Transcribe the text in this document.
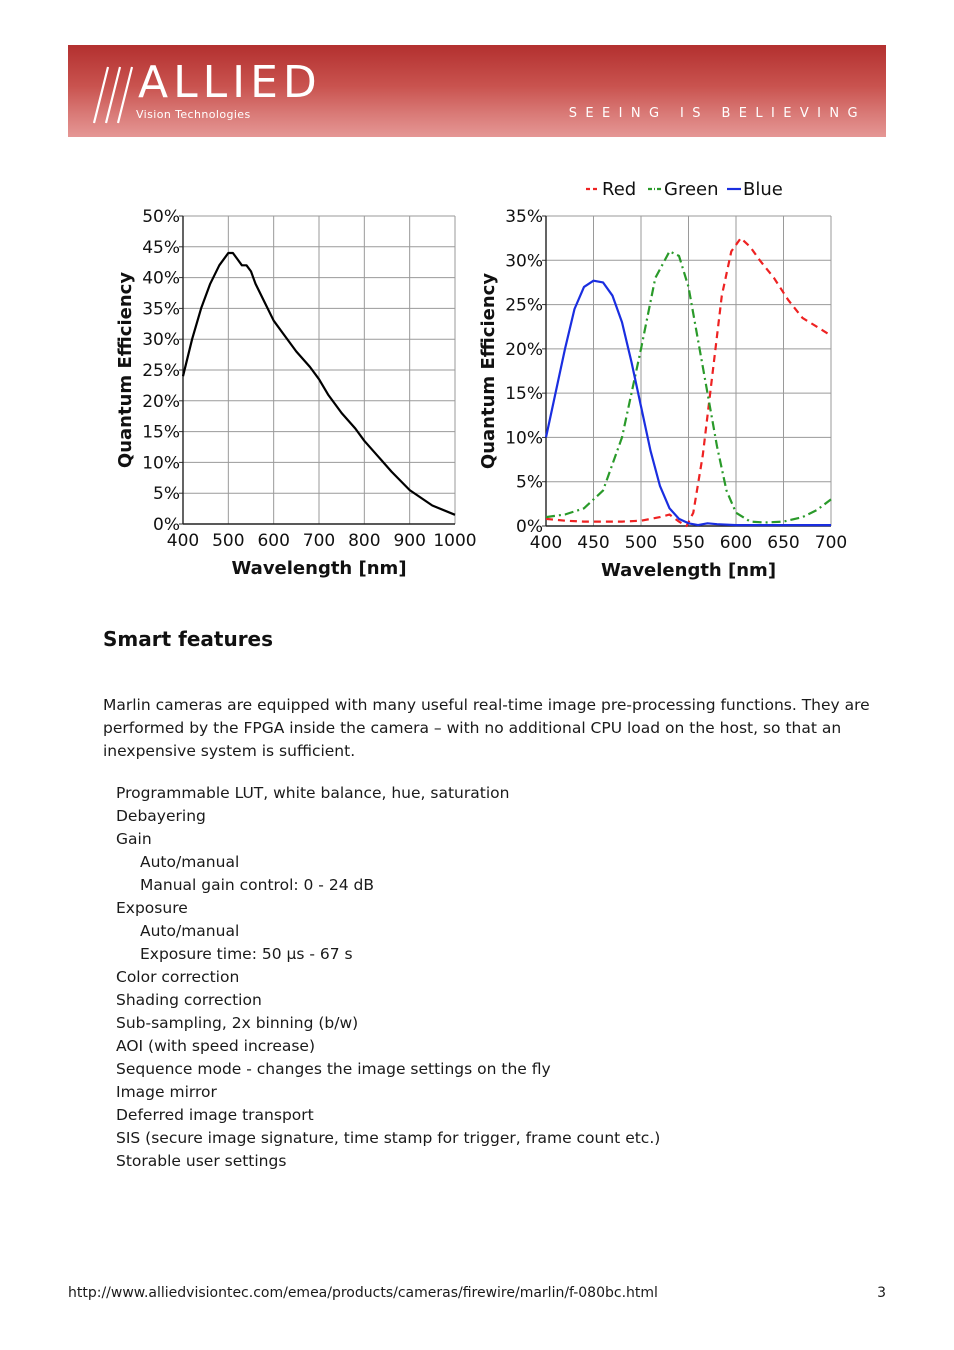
ALLIED
Vision Technologies	SEEING IS BELIEVING
400 500 600 700 800 900 1000
0%
5%
10%
15%
20%
25%
30%
35%
40%
45%
50%
Wavelength [nm]
Quantum Efficiency
400 450 500 550 600 650 700
0%
5%
10%
15%
20%
25%
30%
35%
Wavelength [nm]
Quantum Efficiency
Red Green Blue
Smart features

Marlin cameras are equipped with many useful real-time image pre-processing functions. They are performed by the FPGA inside the camera – with no additional CPU load on the host, so that an inexpensive system is sufficient.

Programmable LUT, white balance, hue, saturation
Debayering
Gain
Auto/manual
Manual gain control: 0 - 24 dB
Exposure
Auto/manual
Exposure time: 50 µs - 67 s
Color correction
Shading correction
Sub-sampling, 2x binning (b/w)
AOI (with speed increase)
Sequence mode - changes the image settings on the fly
Image mirror
Deferred image transport
SIS (secure image signature, time stamp for trigger, frame count etc.)
Storable user settings
http://www.alliedvisiontec.com/emea/products/cameras/firewire/marlin/f-080bc.html	3
